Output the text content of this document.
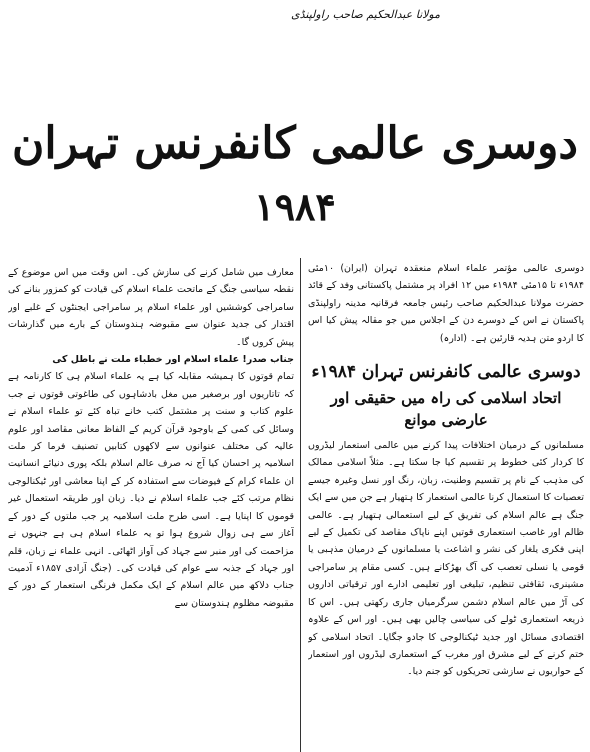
مولانا عبدالحکیم صاحب راولپنڈی
دوسری عالمی کانفرنس تہران
۱۹۸۴

دوسری عالمی مؤتمر علماء اسلام منعقدہ تہران (ایران) ۱۰مئی ۱۹۸۴ء تا ۱۵مئی ۱۹۸۴ء میں ۱۲ افراد پر مشتمل پاکستانی وفد کے قائد حضرت مولانا عبدالحکیم صاحب رئیس جامعہ فرقانیہ مدینہ راولپنڈی پاکستان نے اس کے دوسرے دن کے اجلاس میں جو مقالہ پیش کیا اس کا اردو متن ہدیہ قارئین ہے۔ (ادارہ)

دوسری عالمی کانفرنس تہران ۱۹۸۴ء
اتحاد اسلامی کی راہ میں حقیقی اور عارضی موانع

مسلمانوں کے درمیان اختلافات پیدا کرنے میں عالمی استعمار لیڈروں کا کردار کئی خطوط پر تقسیم کیا جا سکتا ہے۔ مثلاً اسلامی ممالک کی مذہب کے نام پر تقسیم وطنیت، زبان، رنگ اور نسل وغیرہ جیسے تعصبات کا استعمال کرنا عالمی استعمار کا ہتھیار ہے جن میں سے ایک جنگ ہے عالم اسلام کی تفریق کے لیے استعمالی ہتھیار ہے۔ عالمی ظالم اور غاصب استعماری قوتیں اپنے ناپاک مقاصد کی تکمیل کے لیے اپنی فکری یلغار کی نشر و اشاعت یا مسلمانوں کے درمیان مذہبی یا قومی یا نسلی تعصب کی آگ بھڑکانے ہیں۔ کسی مقام پر سامراجی مشینری، ثقافتی تنظیم، تبلیغی اور تعلیمی ادارے اور ترقیاتی اداروں کی آڑ میں عالم اسلام دشمن سرگرمیاں جاری رکھتی ہیں۔ اس کا ذریعہ استعماری ٹولے کی سیاسی چالیں بھی ہیں۔ اور اس کے علاوہ اقتصادی مسائل اور جدید ٹیکنالوجی کا جادو جگایا۔ اتحاد اسلامی کو ختم کرنے کے لیے مشرق اور مغرب کے استعماری لیڈروں اور استعمار کے حواریوں نے سازشی تحریکوں کو جنم دیا۔

معارف میں شامل کرنے کی سازش کی۔ اس وقت میں اس موضوع کے نقطہ سیاسی جنگ کے ماتحت علماء اسلام کی قیادت کو کمزور بنانے کی سامراجی کوششیں اور علماء اسلام پر سامراجی ایجنٹوں کے غلبے اور اقتدار کی جدید عنوان سے مقبوضہ ہندوستان کے بارے میں گذارشات پیش کروں گا۔

جناب صدر! علماء اسلام اور خطباء ملت نے باطل کی

تمام قوتوں کا ہمیشہ مقابلہ کیا ہے یہ علماء اسلام ہی کا کارنامہ ہے کہ تاتاریوں اور برصغیر میں مغل بادشاہوں کی طاغوتی قوتوں نے جب علوم کتاب و سنت پر مشتمل کتب خانے تباہ کئے تو علماء اسلام نے وسائل کی کمی کے باوجود قرآن کریم کے الفاظ معانی مقاصد اور علوم عالیہ کی مختلف عنوانوں سے لاکھوں کتابیں تصنیف فرما کر ملت اسلامیہ پر احسان کیا آج نہ صرف عالم اسلام بلکہ پوری دنیائے انسانیت ان علماء کرام کے فیوضات سے استفادہ کر کے اپنا معاشی اور ٹیکنالوجی نظام مرتب کئے جب علماء اسلام نے دیا۔ زبان اور طریقہ استعمال غیر قوموں کا اپنایا ہے۔ اسی طرح ملت اسلامیہ پر جب ملتوں کے دور کے آغاز سے ہی زوال شروع ہوا تو یہ علماء اسلام ہی ہے جنہوں نے مزاحمت کی اور منبر سے جہاد کی آواز اٹھائی۔ انہی علماء نے زبان، قلم اور جہاد کے جذبہ سے عوام کی قیادت کی۔ (جنگ آزادی ۱۸۵۷ء آدمیت جناب دلاکھ میں عالم اسلام کے ایک مکمل فرنگی استعمار کے دور کے مقبوضہ مظلوم ہندوستان سے
